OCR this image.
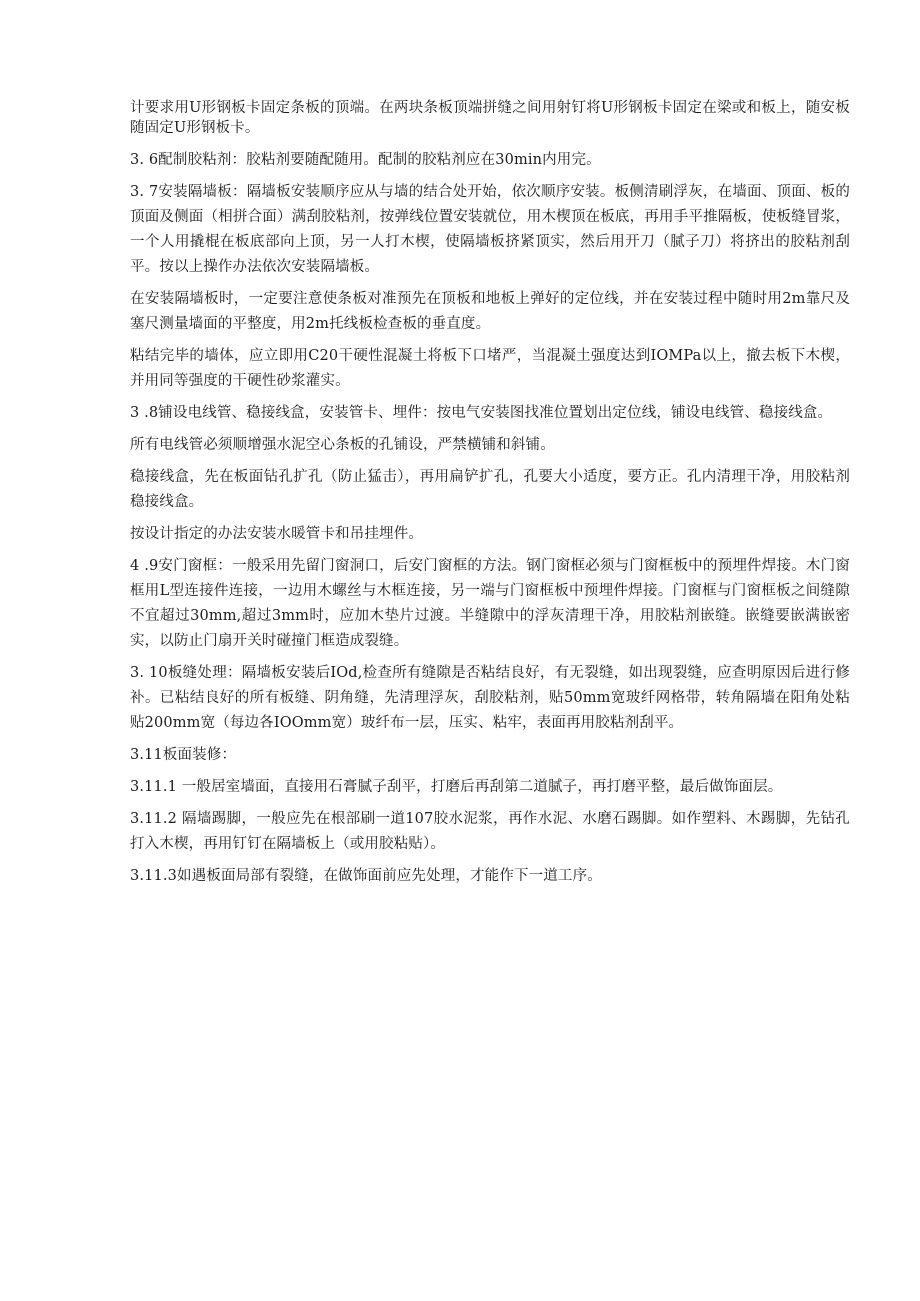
计要求用U形钢板卡固定条板的顶端。在两块条板顶端拼缝之间用射钉将U形钢板卡固定在梁或和板上，随安板随固定U形钢板卡。

3. 6配制胶粘剂：胶粘剂要随配随用。配制的胶粘剂应在30min内用完。

3. 7安装隔墙板：隔墙板安装顺序应从与墙的结合处开始，依次顺序安装。板侧清刷浮灰，在墙面、顶面、板的顶面及侧面（相拼合面）满刮胶粘剂，按弹线位置安装就位，用木楔顶在板底，再用手平推隔板，使板缝冒浆，一个人用撬棍在板底部向上顶，另一人打木楔，使隔墙板挤紧顶实，然后用开刀（腻子刀）将挤出的胶粘剂刮平。按以上操作办法依次安装隔墙板。

在安装隔墙板时，一定要注意使条板对准预先在顶板和地板上弹好的定位线，并在安装过程中随时用2m靠尺及塞尺测量墙面的平整度，用2m托线板检查板的垂直度。

粘结完毕的墙体，应立即用C20干硬性混凝土将板下口堵严，当混凝土强度达到IOMPa以上，撤去板下木楔，并用同等强度的干硬性砂浆灌实。

3 .8铺设电线管、稳接线盒，安装管卡、埋件：按电气安装图找准位置划出定位线，铺设电线管、稳接线盒。

所有电线管必须顺增强水泥空心条板的孔铺设，严禁横铺和斜铺。

稳接线盒，先在板面钻孔扩孔（防止猛击），再用扁铲扩孔，孔要大小适度，要方正。孔内清理干净，用胶粘剂稳接线盒。

按设计指定的办法安装水暖管卡和吊挂埋件。

4 .9安门窗框：一般采用先留门窗洞口，后安门窗框的方法。钢门窗框必须与门窗框板中的预埋件焊接。木门窗框用L型连接件连接，一边用木螺丝与木框连接，另一端与门窗框板中预埋件焊接。门窗框与门窗框板之间缝隙不宜超过30mm,超过3mm时，应加木垫片过渡。半缝隙中的浮灰清理干净，用胶粘剂嵌缝。嵌缝要嵌满嵌密实，以防止门扇开关时碰撞门框造成裂缝。

3. 10板缝处理：隔墙板安装后IOd,检查所有缝隙是否粘结良好，有无裂缝，如出现裂缝，应查明原因后进行修补。已粘结良好的所有板缝、阴角缝，先清理浮灰，刮胶粘剂，贴50mm宽玻纤网格带，转角隔墙在阳角处粘贴200mm宽（每边各IOOmm宽）玻纤布一层，压实、粘牢，表面再用胶粘剂刮平。

3.11板面装修：

3.11.1 一般居室墙面，直接用石膏腻子刮平，打磨后再刮第二道腻子，再打磨平整，最后做饰面层。

3.11.2 隔墙踢脚，一般应先在根部刷一道107胶水泥浆，再作水泥、水磨石踢脚。如作塑料、木踢脚，先钻孔打入木楔，再用钉钉在隔墙板上（或用胶粘贴）。

3.11.3如遇板面局部有裂缝，在做饰面前应先处理，才能作下一道工序。
